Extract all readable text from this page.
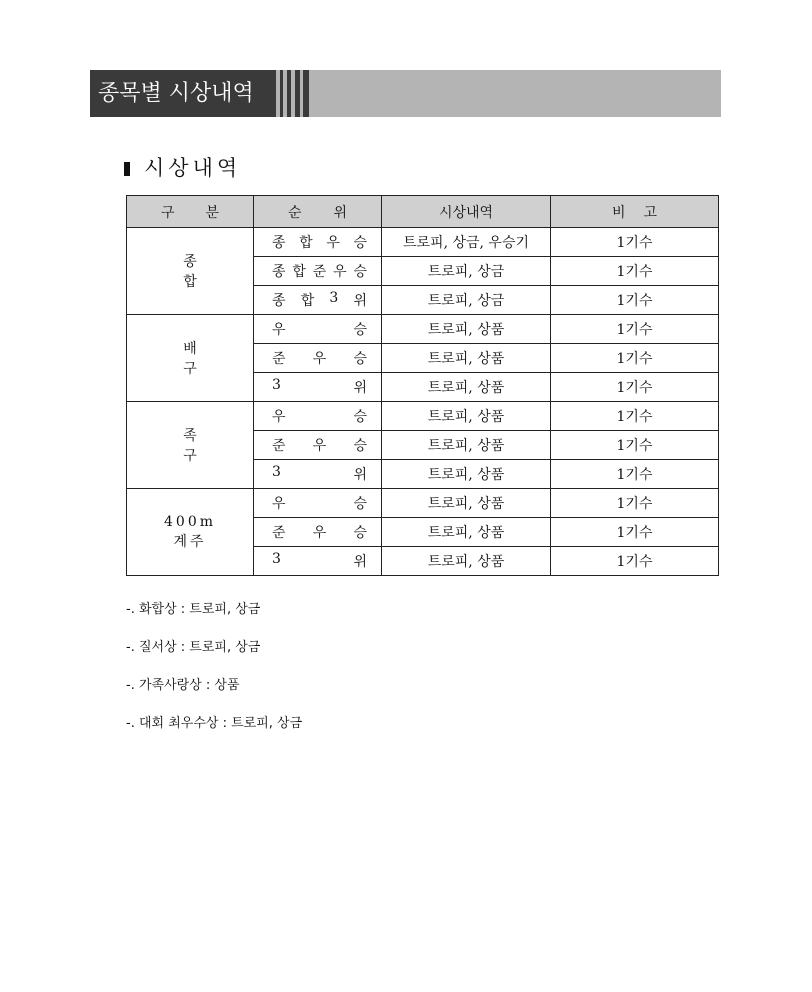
종목별 시상내역
시상내역
구 분	순 위	시상내역	비고

종 합	종 합 우 승	트로피, 상금, 우승기	1기수

	종 합 준 우 승	트로피, 상금	1기수

	종 합 3 위	트로피, 상금	1기수

배 구	우 승	트로피, 상품	1기수

	준 우 승	트로피, 상품	1기수

	3 위	트로피, 상품	1기수

족 구	우 승	트로피, 상품	1기수

	준 우 승	트로피, 상품	1기수

	3 위	트로피, 상품	1기수

400m 계주	우 승	트로피, 상품	1기수

	준 우 승	트로피, 상품	1기수

	3 위	트로피, 상품	1기수
-. 화합상 : 트로피, 상금
-. 질서상 : 트로피, 상금
-. 가족사랑상 : 상품
-. 대회 최우수상 : 트로피, 상금
